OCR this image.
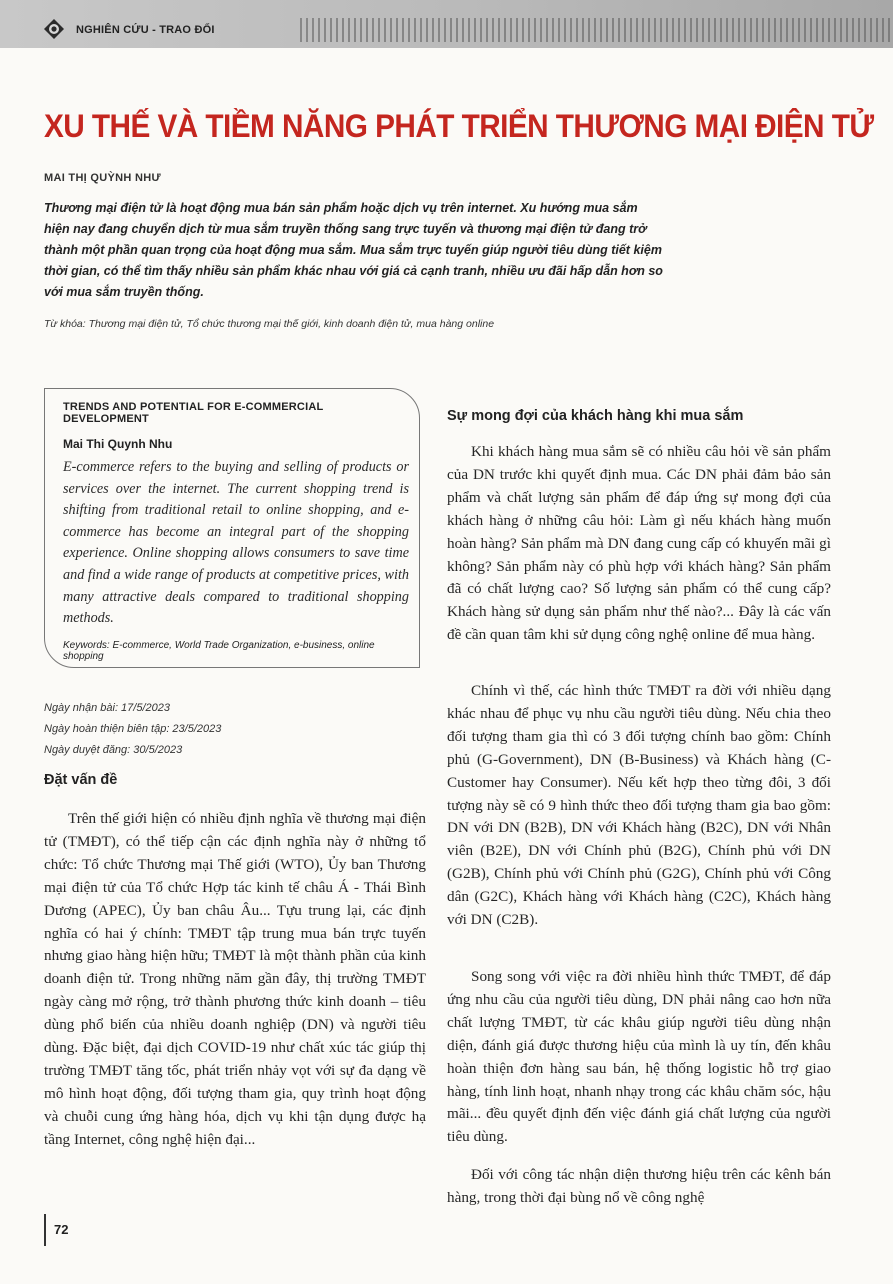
NGHIÊN CỨU - TRAO ĐỔI
XU THẾ VÀ TIỀM NĂNG PHÁT TRIỂN THƯƠNG MẠI ĐIỆN TỬ
MAI THỊ QUỲNH NHƯ

Thương mại điện tử là hoạt động mua bán sản phẩm hoặc dịch vụ trên internet. Xu hướng mua sắm hiện nay đang chuyển dịch từ mua sắm truyền thống sang trực tuyến và thương mại điện tử đang trở thành một phần quan trọng của hoạt động mua sắm. Mua sắm trực tuyến giúp người tiêu dùng tiết kiệm thời gian, có thể tìm thấy nhiều sản phẩm khác nhau với giá cả cạnh tranh, nhiều ưu đãi hấp dẫn hơn so với mua sắm truyền thống.

Từ khóa: Thương mại điện tử, Tổ chức thương mại thế giới, kinh doanh điện tử, mua hàng online
TRENDS AND POTENTIAL FOR E-COMMERCIAL DEVELOPMENT
Mai Thi Quynh Nhu

E-commerce refers to the buying and selling of products or services over the internet. The current shopping trend is shifting from traditional retail to online shopping, and e-commerce has become an integral part of the shopping experience. Online shopping allows consumers to save time and find a wide range of products at competitive prices, with many attractive deals compared to traditional shopping methods.

Keywords: E-commerce, World Trade Organization, e-business, online shopping
Ngày nhận bài: 17/5/2023
Ngày hoàn thiện biên tập: 23/5/2023
Ngày duyệt đăng: 30/5/2023
Đặt vấn đề

Trên thế giới hiện có nhiều định nghĩa về thương mại điện tử (TMĐT), có thể tiếp cận các định nghĩa này ở những tổ chức: Tổ chức Thương mại Thế giới (WTO), Ủy ban Thương mại điện tử của Tổ chức Hợp tác kinh tế châu Á - Thái Bình Dương (APEC), Ủy ban châu Âu... Tựu trung lại, các định nghĩa có hai ý chính: TMĐT tập trung mua bán trực tuyến nhưng giao hàng hiện hữu; TMĐT là một thành phần của kinh doanh điện tử. Trong những năm gần đây, thị trường TMĐT ngày càng mở rộng, trở thành phương thức kinh doanh – tiêu dùng phổ biến của nhiều doanh nghiệp (DN) và người tiêu dùng. Đặc biệt, đại dịch COVID-19 như chất xúc tác giúp thị trường TMĐT tăng tốc, phát triển nhảy vọt với sự đa dạng về mô hình hoạt động, đối tượng tham gia, quy trình hoạt động và chuỗi cung ứng hàng hóa, dịch vụ khi tận dụng được hạ tầng Internet, công nghệ hiện đại...

Sự mong đợi của khách hàng khi mua sắm

Khi khách hàng mua sắm sẽ có nhiều câu hỏi về sản phẩm của DN trước khi quyết định mua. Các DN phải đảm bảo sản phẩm và chất lượng sản phẩm để đáp ứng sự mong đợi của khách hàng ở những câu hỏi: Làm gì nếu khách hàng muốn hoàn hàng? Sản phẩm mà DN đang cung cấp có khuyến mãi gì không? Sản phẩm này có phù hợp với khách hàng? Sản phẩm đã có chất lượng cao? Số lượng sản phẩm có thể cung cấp? Khách hàng sử dụng sản phẩm như thế nào?... Đây là các vấn đề cần quan tâm khi sử dụng công nghệ online để mua hàng.

Chính vì thế, các hình thức TMĐT ra đời với nhiều dạng khác nhau để phục vụ nhu cầu người tiêu dùng. Nếu chia theo đối tượng tham gia thì có 3 đối tượng chính bao gồm: Chính phủ (G-Government), DN (B-Business) và Khách hàng (C-Customer hay Consumer). Nếu kết hợp theo từng đôi, 3 đối tượng này sẽ có 9 hình thức theo đối tượng tham gia bao gồm: DN với DN (B2B), DN với Khách hàng (B2C), DN với Nhân viên (B2E), DN với Chính phủ (B2G), Chính phủ với DN (G2B), Chính phủ với Chính phủ (G2G), Chính phủ với Công dân (G2C), Khách hàng với Khách hàng (C2C), Khách hàng với DN (C2B).

Song song với việc ra đời nhiều hình thức TMĐT, để đáp ứng nhu cầu của người tiêu dùng, DN phải nâng cao hơn nữa chất lượng TMĐT, từ các khâu giúp người tiêu dùng nhận diện, đánh giá được thương hiệu của mình là uy tín, đến khâu hoàn thiện đơn hàng sau bán, hệ thống logistic hỗ trợ giao hàng, tính linh hoạt, nhanh nhạy trong các khâu chăm sóc, hậu mãi... đều quyết định đến việc đánh giá chất lượng của người tiêu dùng.

Đối với công tác nhận diện thương hiệu trên các kênh bán hàng, trong thời đại bùng nổ về công nghệ

72
